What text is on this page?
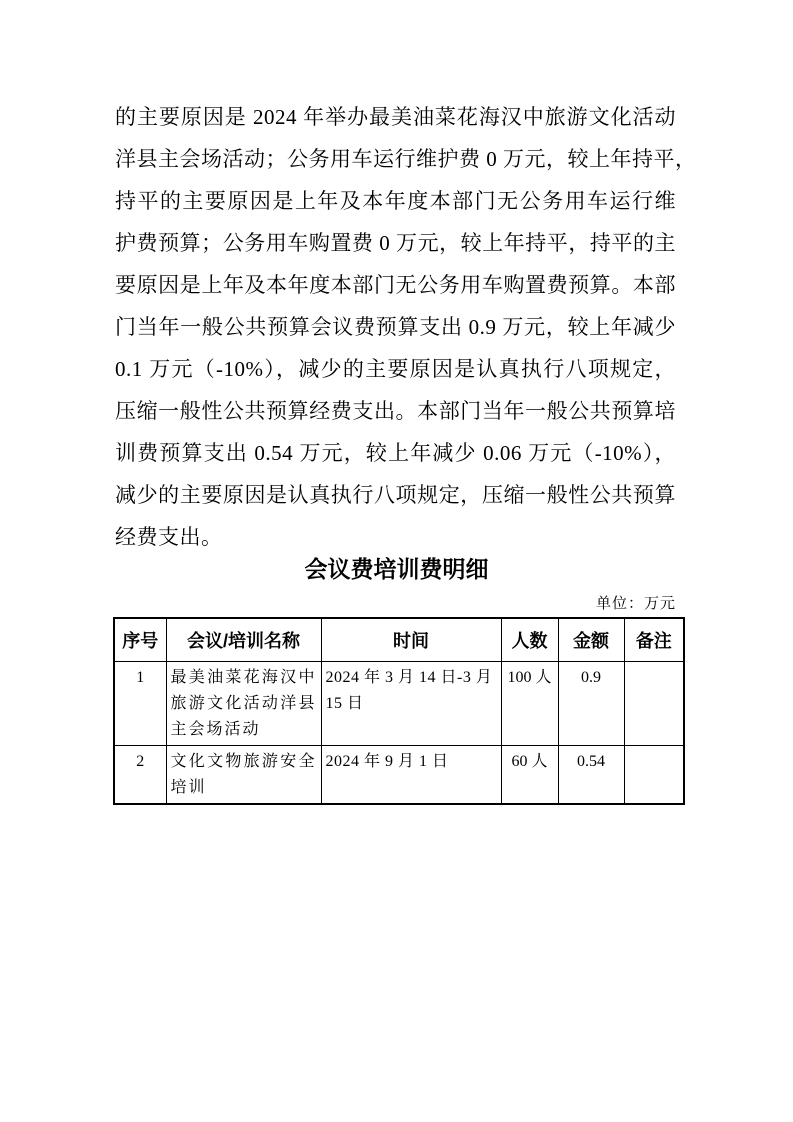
的主要原因是 2024 年举办最美油菜花海汉中旅游文化活动
洋县主会场活动；公务用车运行维护费 0 万元，较上年持平，
持平的主要原因是上年及本年度本部门无公务用车运行维
护费预算；公务用车购置费 0 万元，较上年持平，持平的主
要原因是上年及本年度本部门无公务用车购置费预算。本部
门当年一般公共预算会议费预算支出 0.9 万元，较上年减少
0.1 万元（-10%），减少的主要原因是认真执行八项规定，
压缩一般性公共预算经费支出。本部门当年一般公共预算培
训费预算支出 0.54 万元，较上年减少 0.06 万元（-10%），
减少的主要原因是认真执行八项规定，压缩一般性公共预算
经费支出。
会议费培训费明细
单位：万元
序号	会议/培训名称	时间	人数	金额	备注
1	最美油菜花海汉中旅游文化活动洋县主会场活动	2024 年 3 月 14 日-3 月 15 日	100 人	0.9	
2	文化文物旅游安全培训	2024 年 9 月 1 日	60 人	0.54	
